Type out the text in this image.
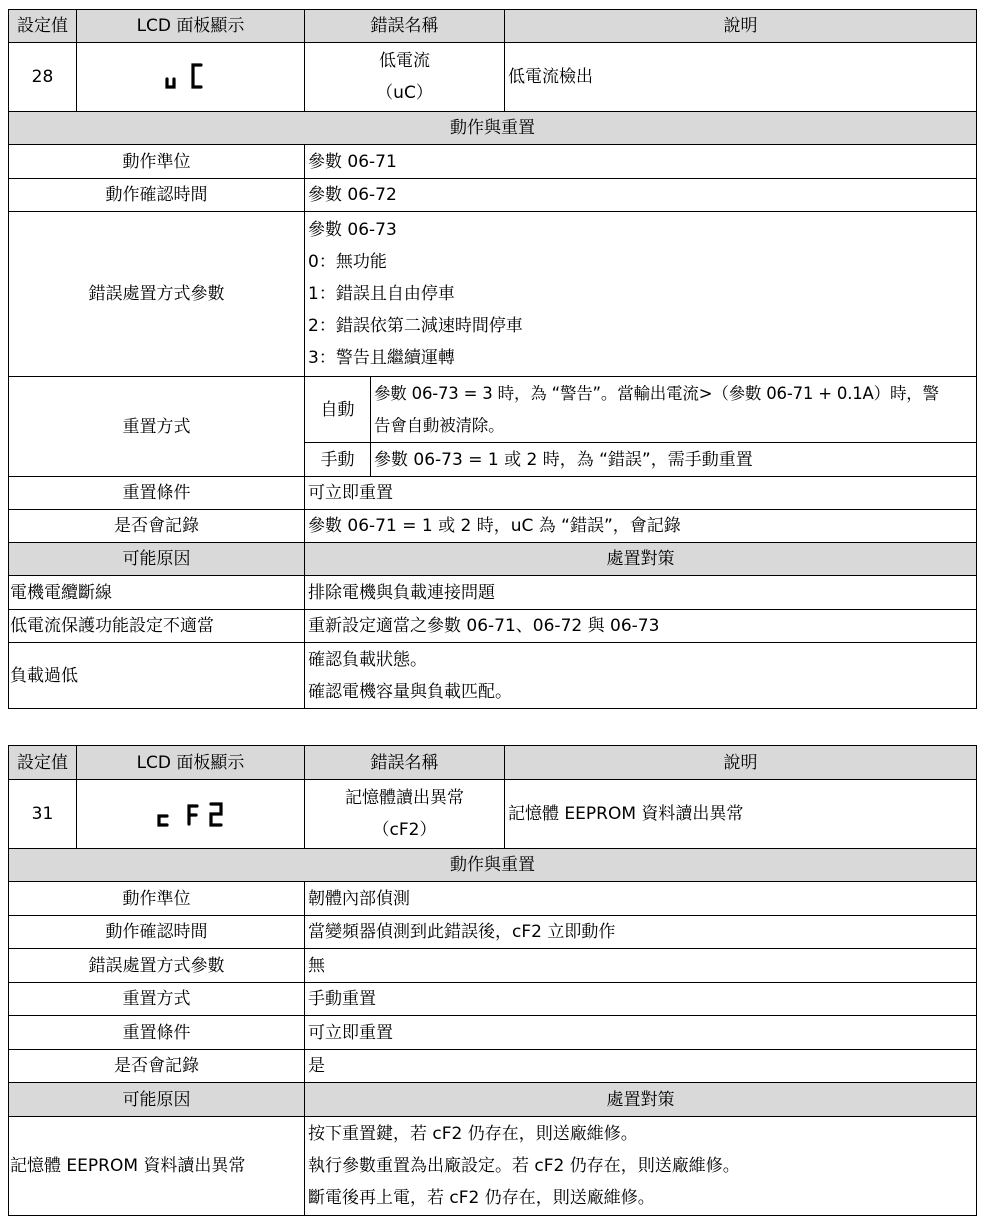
設定值	LCD 面板顯示	錯誤名稱		說明
28		低電流
（uC）		低電流檢出
動作與重置				
動作準位		參數 06-71		
動作確認時間		參數 06-72		
錯誤處置方式參數		參數 06-73
0：無功能
1：錯誤且自由停車
2：錯誤依第二減速時間停車
3：警告且繼續運轉		

重置方式		自動	參數 06-73 = 3 時，為 “警告”。當輸出電流>（參數 06-71 + 0.1A）時，警
告會自動被清除。	

		手動	參數 06-73 = 1 或 2 時，為 “錯誤”，需手動重置	
重置條件		可立即重置		
是否會記錄		參數 06-71 = 1 或 2 時，uC 為 “錯誤”，會記錄		
可能原因		處置對策		
電機電纜斷線		排除電機與負載連接問題		
低電流保護功能設定不適當		重新設定適當之參數 06-71、06-72 與 06-73		
負載過低		確認負載狀態。
確認電機容量與負載匹配。		
設定值	LCD 面板顯示	錯誤名稱	說明
31		記憶體讀出異常
（cF2）	記憶體 EEPROM 資料讀出異常
動作與重置			
動作準位		韌體內部偵測	
動作確認時間		當變頻器偵測到此錯誤後，cF2 立即動作	
錯誤處置方式參數		無	
重置方式		手動重置	
重置條件		可立即重置	
是否會記錄		是	
可能原因		處置對策	
記憶體 EEPROM 資料讀出異常		按下重置鍵，若 cF2 仍存在，則送廠維修。
執行參數重置為出廠設定。若 cF2 仍存在，則送廠維修。
斷電後再上電，若 cF2 仍存在，則送廠維修。	
